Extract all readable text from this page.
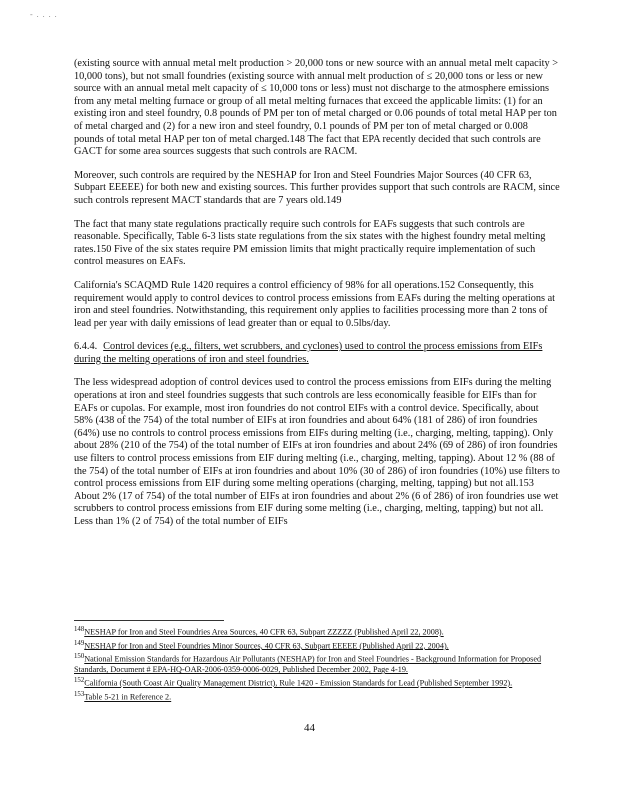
- . . . .

(existing source with annual metal melt production > 20,000 tons or new source with an annual metal melt capacity > 10,000 tons), but not small foundries (existing source with annual melt production of ≤ 20,000 tons or less or new source with an annual metal melt capacity of ≤ 10,000 tons or less) must not discharge to the atmosphere emissions from any metal melting furnace or group of all metal melting furnaces that exceed the applicable limits: (1) for an existing iron and steel foundry, 0.8 pounds of PM per ton of metal charged or 0.06 pounds of total metal HAP per ton of metal charged and (2) for a new iron and steel foundry, 0.1 pounds of PM per ton of metal charged or 0.008 pounds of total metal HAP per ton of metal charged.148 The fact that EPA recently decided that such controls are GACT for some area sources suggests that such controls are RACM.

Moreover, such controls are required by the NESHAP for Iron and Steel Foundries Major Sources (40 CFR 63, Subpart EEEEE) for both new and existing sources. This further provides support that such controls are RACM, since such controls represent MACT standards that are 7 years old.149

The fact that many state regulations practically require such controls for EAFs suggests that such controls are reasonable. Specifically, Table 6-3 lists state regulations from the six states with the highest foundry metal melting rates.150 Five of the six states require PM emission limits that might practically require implementation of such control measures on EAFs.

California's SCAQMD Rule 1420 requires a control efficiency of 98% for all operations.152 Consequently, this requirement would apply to control devices to control process emissions from EAFs during the melting operations at iron and steel foundries. Notwithstanding, this requirement only applies to facilities processing more than 2 tons of lead per year with daily emissions of lead greater than or equal to 0.5lbs/day.

6.4.4. Control devices (e.g., filters, wet scrubbers, and cyclones) used to control the process emissions from EIFs during the melting operations of iron and steel foundries.

The less widespread adoption of control devices used to control the process emissions from EIFs during the melting operations at iron and steel foundries suggests that such controls are less economically feasible for EIFs than for EAFs or cupolas. For example, most iron foundries do not control EIFs with a control device. Specifically, about 58% (438 of the 754) of the total number of EIFs at iron foundries and about 64% (181 of 286) of iron foundries (64%) use no controls to control process emissions from EIFs during melting (i.e., charging, melting, tapping). Only about 28% (210 of the 754) of the total number of EIFs at iron foundries and about 24% (69 of 286) of iron foundries use filters to control process emissions from EIF during melting (i.e., charging, melting, tapping). About 12 % (88 of the 754) of the total number of EIFs at iron foundries and about 10% (30 of 286) of iron foundries (10%) use filters to control process emissions from EIF during some melting operations (charging, melting, tapping) but not all.153 About 2% (17 of 754) of the total number of EIFs at iron foundries and about 2% (6 of 286) of iron foundries use wet scrubbers to control process emissions from EIF during some melting (i.e., charging, melting, tapping) but not all. Less than 1% (2 of 754) of the total number of EIFs

$^{148}$NESHAP for Iron and Steel Foundries Area Sources, 40 CFR 63, Subpart ZZZZZ (Published April 22, 2008).
$^{149}$NESHAP for Iron and Steel Foundries Minor Sources, 40 CFR 63, Subpart EEEEE (Published April 22, 2004).
$^{150}$National Emission Standards for Hazardous Air Pollutants (NESHAP) for Iron and Steel Foundries - Background Information for Proposed Standards, Document # EPA-HQ-OAR-2006-0359-0006-0029, Published December 2002, Page 4-19.
$^{152}$California (South Coast Air Quality Management District), Rule 1420 - Emission Standards for Lead (Published September 1992).
$^{153}$Table 5-21 in Reference 2.
44
